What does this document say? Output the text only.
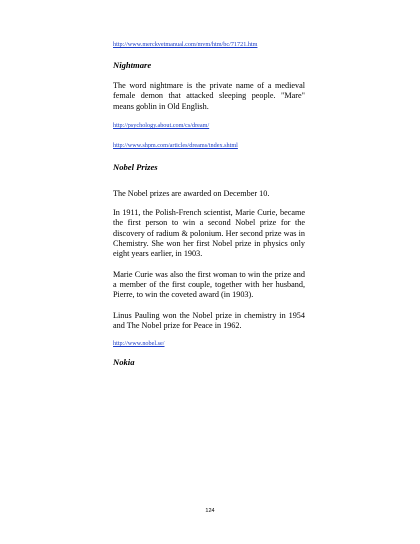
http://www.merckvetmanual.com/mvm/htm/bc/71721.htm

Nightmare

The word nightmare is the private name of a medieval female demon that attacked sleeping people. "Mare" means goblin in Old English.

http://psychology.about.com/cs/dream/
http://www.shpm.com/articles/dreams/index.shtml

Nobel Prizes

The Nobel prizes are awarded on December 10.

In 1911, the Polish-French scientist, Marie Curie, became the first person to win a second Nobel prize for the discovery of radium & polonium. Her second prize was in Chemistry. She won her first Nobel prize in physics only eight years earlier, in 1903.

Marie Curie was also the first woman to win the prize and a member of the first couple, together with her husband, Pierre, to win the coveted award (in 1903).

Linus Pauling won the Nobel prize in chemistry in 1954 and The Nobel prize for Peace in 1962.

http://www.nobel.se/

Nokia

124
